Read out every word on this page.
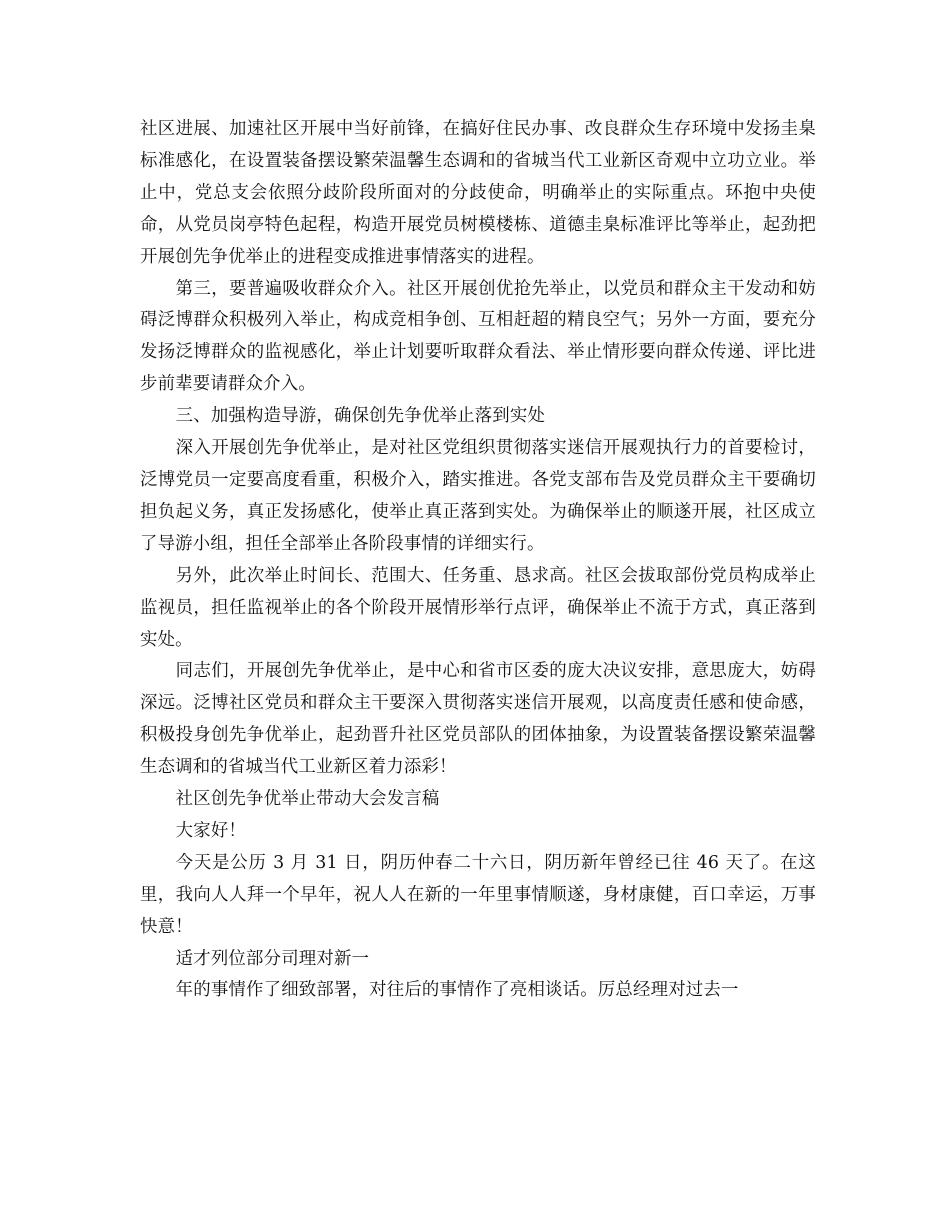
社区进展、加速社区开展中当好前锋，在搞好住民办事、改良群众生存环境中发扬圭臬标准感化，在设置装备摆设繁荣温馨生态调和的省城当代工业新区奇观中立功立业。举止中，党总支会依照分歧阶段所面对的分歧使命，明确举止的实际重点。环抱中央使命，从党员岗亭特色起程，构造开展党员树模楼栋、道德圭臬标准评比等举止，起劲把开展创先争优举止的进程变成推进事情落实的进程。

第三，要普遍吸收群众介入。社区开展创优抢先举止，以党员和群众主干发动和妨碍泛博群众积极列入举止，构成竞相争创、互相赶超的精良空气；另外一方面，要充分发扬泛博群众的监视感化，举止计划要听取群众看法、举止情形要向群众传递、评比进步前辈要请群众介入。

三、加强构造导游，确保创先争优举止落到实处

深入开展创先争优举止，是对社区党组织贯彻落实迷信开展观执行力的首要检讨，泛博党员一定要高度看重，积极介入，踏实推进。各党支部布告及党员群众主干要确切担负起义务，真正发扬感化，使举止真正落到实处。为确保举止的顺遂开展，社区成立了导游小组，担任全部举止各阶段事情的详细实行。

另外，此次举止时间长、范围大、任务重、恳求高。社区会拔取部份党员构成举止监视员，担任监视举止的各个阶段开展情形举行点评，确保举止不流于方式，真正落到实处。

同志们，开展创先争优举止，是中心和省市区委的庞大决议安排，意思庞大，妨碍深远。泛博社区党员和群众主干要深入贯彻落实迷信开展观，以高度责任感和使命感，积极投身创先争优举止，起劲晋升社区党员部队的团体抽象，为设置装备摆设繁荣温馨生态调和的省城当代工业新区着力添彩！

社区创先争优举止带动大会发言稿

大家好！

今天是公历 3 月 31 日，阴历仲春二十六日，阴历新年曾经已往 46 天了。在这里，我向人人拜一个早年，祝人人在新的一年里事情顺遂，身材康健，百口幸运，万事快意！

适才列位部分司理对新一

年的事情作了细致部署，对往后的事情作了亮相谈话。厉总经理对过去一
